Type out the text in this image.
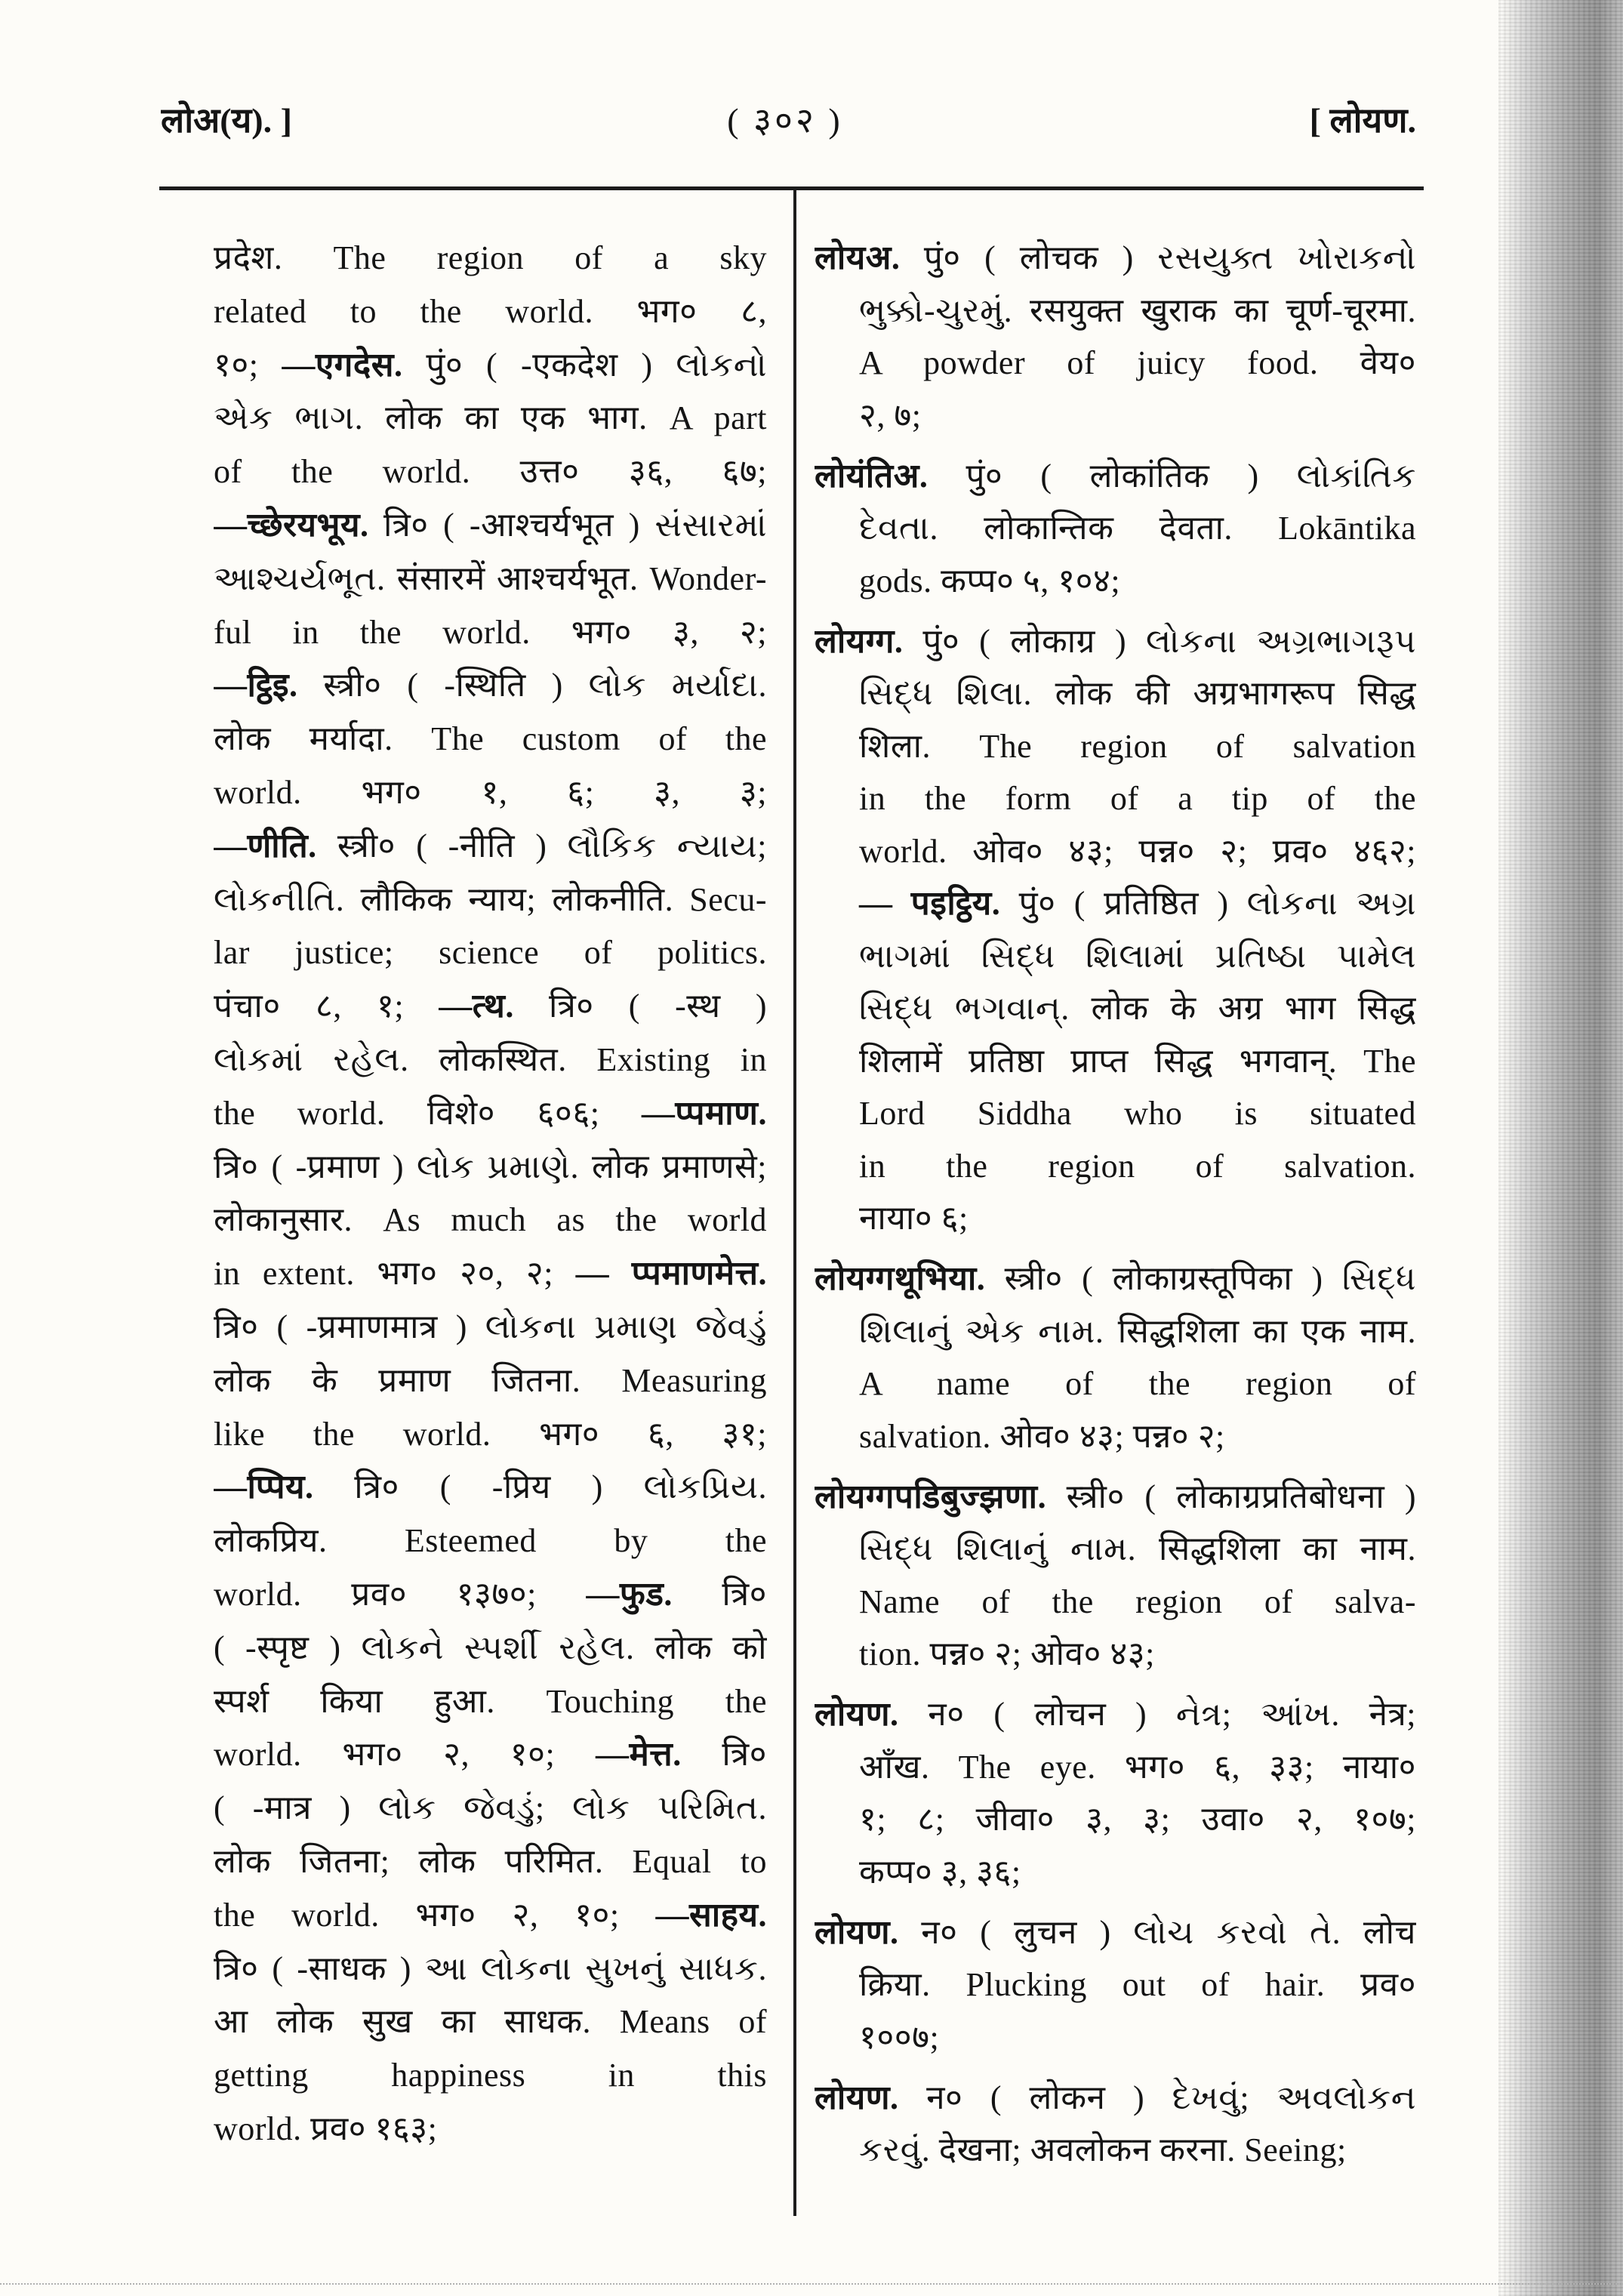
लोअ(य). ]	( ३०२ )	[ लोयण.
प्रदेश. The region of a sky
related to the world. भग० ८,
१०; —एगदेस. पुं० ( -एकदेश ) લોકનો
એક ભાગ. लोक का एक भाग. A part
of the world. उत्त० ३६, ६७;
—च्छेरयभूय. त्रि० ( -आश्चर्यभूत ) સંસારમાં
આશ્ચર્યભૂત. संसारमें आश्चर्यभूत. Wonder-
ful in the world. भग० ३, २;
—ट्ठिइ. स्त्री० ( -स्थिति ) લોક મર્યાદા.
लोक मर्यादा. The custom of the
world. भग० १, ६; ३, ३;
—णीति. स्त्री० ( -नीति ) લૌકિક ન્યાય;
લોકનીતિ. लौकिक न्याय; लोकनीति. Secu-
lar justice; science of politics.
पंचा० ८, १; —त्थ. त्रि० ( -स्थ )
લોકમાં રહેલ. लोकस्थित. Existing in
the world. विशे० ६०६; —प्पमाण.
त्रि० ( -प्रमाण ) લોક પ્રમાણે. लोक प्रमाणसे;
लोकानुसार. As much as the world
in extent. भग० २०, २; — प्पमाणमेत्त.
त्रि० ( -प्रमाणमात्र ) લોકના પ્રમાણ જેવડું
लोक के प्रमाण जितना. Measuring
like the world. भग० ६, ३१;
—प्पिय. त्रि० ( -प्रिय ) લોકપ્રિય.
लोकप्रिय. Esteemed by the
world. प्रव० १३७०; —फुड. त्रि०
( -स्पृष्ट ) લોકને સ્પર્શી રહેલ. लोक को
स्पर्श किया हुआ. Touching the
world. भग० २, १०; —मेत्त. त्रि०
( -मात्र ) લોક જેવડું; લોક પરિમિત.
लोक जितना; लोक परिमित. Equal to
the world. भग० २, १०; —साहय.
त्रि० ( -साधक ) આ લોકના સુખનું સાધક.
आ लोक सुख का साधक. Means of
getting happiness in this
world. प्रव० १६३;
लोयअ. पुं० ( लोचक ) રસયુક્ત ખોરાકનો
ભુક્કો-ચુરમું. रसयुक्त खुराक का चूर्ण-चूरमा.
A powder of juicy food. वेय०
२, ७;
लोयंतिअ. पुं० ( लोकांतिक ) લોકાંતિક
દેવતા. लोकान्तिक देवता. Lokāntika
gods. कप्प० ५, १०४;
लोयग्ग. पुं० ( लोकाग्र ) લોકના અગ્રભાગરૂપ
સિદ્ધ શિલા. लोक की अग्रभागरूप सिद्ध
शिला. The region of salvation
in the form of a tip of the
world. ओव० ४३; पन्न० २; प्रव० ४६२;
— पइट्ठिय. पुं० ( प्रतिष्ठित ) લોકના અગ્ર
ભાગમાં સિદ્ધ શિલામાં પ્રતિષ્ઠા પામેલ
સિદ્ધ ભગવાન્. लोक के अग्र भाग सिद्ध
शिलामें प्रतिष्ठा प्राप्त सिद्ध भगवान्. The
Lord Siddha who is situated
in the region of salvation.
नाया० ६;
लोयग्गथूभिया. स्त्री० ( लोकाग्रस्तूपिका ) સિદ્ધ
શિલાનું એક નામ. सिद्धशिला का एक नाम.
A name of the region of
salvation. ओव० ४३; पन्न० २;
लोयग्गपडिबुज्झणा. स्त्री० ( लोकाग्रप्रतिबोधना )
સિદ્ધ શિલાનું નામ. सिद्धशिला का नाम.
Name of the region of salva-
tion. पन्न० २; ओव० ४३;
लोयण. न० ( लोचन ) નેત્ર; આંખ. नेत्र;
आँख. The eye. भग० ६, ३३; नाया०
१; ८; जीवा० ३, ३; उवा० २, १०७;
कप्प० ३, ३६;
लोयण. न० ( लुचन ) લોચ કરવો તે. लोच
क्रिया. Plucking out of hair. प्रव०
१००७;
लोयण. न० ( लोकन ) દેખવું; અવલોકન
કરવું. देखना; अवलोकन करना. Seeing;
